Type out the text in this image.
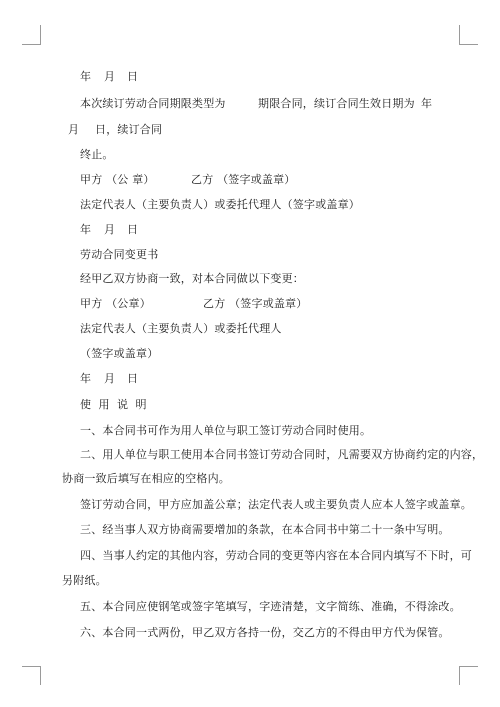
年 月 日
本次续订劳动合同期限类型为	期限合同，续订合同生效日期为 年
月 日，续订合同
终止。
甲方 （公 章）	乙方 （签字或盖章）
法定代表人（主要负责人）或委托代理人（签字或盖章）
年 月 日
劳动合同变更书
经甲乙双方协商一致，对本合同做以下变更：
甲方 （公章）	乙方 （签字或盖章）
法定代表人（主要负责人）或委托代理人
（签字或盖章）
年 月 日
使 用 说 明
一、本合同书可作为用人单位与职工签订劳动合同时使用。
二、用人单位与职工使用本合同书签订劳动合同时，凡需要双方协商约定的内容，
协商一致后填写在相应的空格内。
签订劳动合同，甲方应加盖公章；法定代表人或主要负责人应本人签字或盖章。
三、经当事人双方协商需要增加的条款，在本合同书中第二十一条中写明。
四、当事人约定的其他内容，劳动合同的变更等内容在本合同内填写不下时，可
另附纸。
五、本合同应使钢笔或签字笔填写，字迹清楚，文字简练、准确，不得涂改。
六、本合同一式两份，甲乙双方各持一份，交乙方的不得由甲方代为保管。
